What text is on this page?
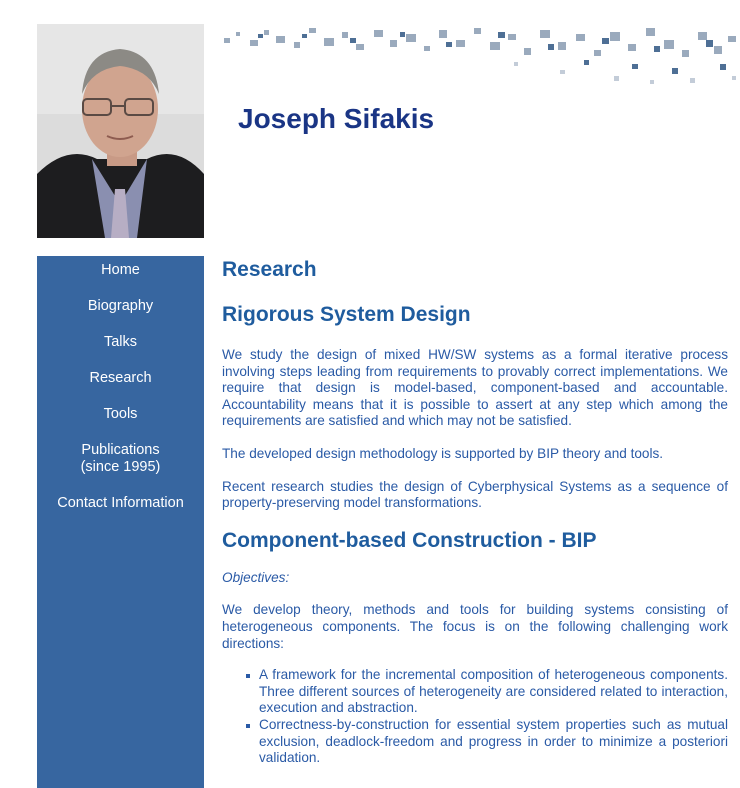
Joseph Sifakis
Home
Biography
Talks
Research
Tools
Publications
(since 1995)
Contact Information
Research
Rigorous System Design

We study the design of mixed HW/SW systems as a formal iterative process involving steps leading from requirements to provably correct implementations. We require that design is model-based, component-based and accountable. Accountability means that it is possible to assert at any step which among the requirements are satisfied and which may not be satisfied.

The developed design methodology is supported by BIP theory and tools.

Recent research studies the design of Cyberphysical Systems as a sequence of property-preserving model transformations.

Component-based Construction - BIP

Objectives:

We develop theory, methods and tools for building systems consisting of heterogeneous components. The focus is on the following challenging work directions:

A framework for the incremental composition of heterogeneous components. Three different sources of heterogeneity are considered related to interaction, execution and abstraction.
Correctness-by-construction for essential system properties such as mutual exclusion, deadlock-freedom and progress in order to minimize a posteriori validation.
